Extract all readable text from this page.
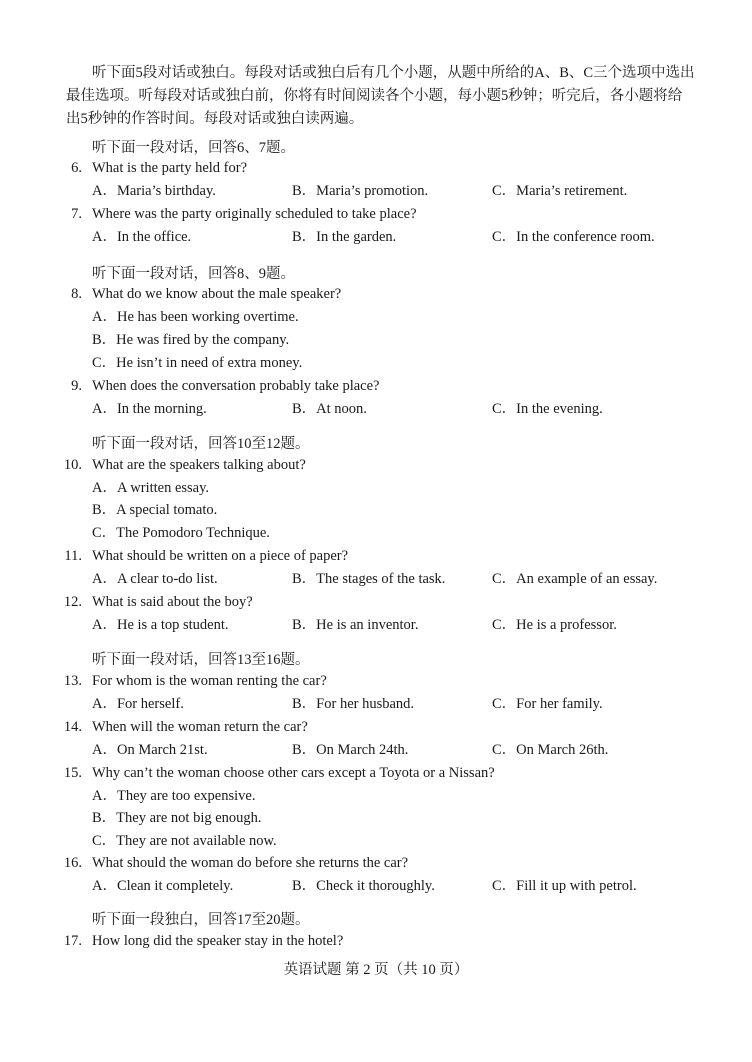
听下面5段对话或独白。每段对话或独白后有几个小题，从题中所给的A、B、C三个选项中选出最佳选项。听每段对话或独白前，你将有时间阅读各个小题，每小题5秒钟；听完后，各小题将给出5秒钟的作答时间。每段对话或独白读两遍。

听下面一段对话，回答6、7题。
听下面一段对话，回答8、9题。
听下面一段对话，回答10至12题。
听下面一段对话，回答13至16题。
听下面一段独白，回答17至20题。
6. What is the party held for?
A．Maria’s birthday.	B．Maria’s promotion.	C．Maria’s retirement.
7. Where was the party originally scheduled to take place?
A．In the office.	B．In the garden.	C．In the conference room.
8. What do we know about the male speaker?
A．He has been working overtime.
B．He was fired by the company.
C．He isn’t in need of extra money.
9. When does the conversation probably take place?
A．In the morning.	B．At noon.	C．In the evening.
10. What are the speakers talking about?
A．A written essay.
B．A special tomato.
C．The Pomodoro Technique.
11. What should be written on a piece of paper?
A．A clear to-do list.	B．The stages of the task.	C．An example of an essay.
12. What is said about the boy?
A．He is a top student.	B．He is an inventor.	C．He is a professor.
13. For whom is the woman renting the car?
A．For herself.	B．For her husband.	C．For her family.
14. When will the woman return the car?
A．On March 21st.	B．On March 24th.	C．On March 26th.
15. Why can’t the woman choose other cars except a Toyota or a Nissan?
A．They are too expensive.
B．They are not big enough.
C．They are not available now.
16. What should the woman do before she returns the car?
A．Clean it completely.	B．Check it thoroughly.	C．Fill it up with petrol.
17. How long did the speaker stay in the hotel?
英语试题 第 2 页（共 10 页）
